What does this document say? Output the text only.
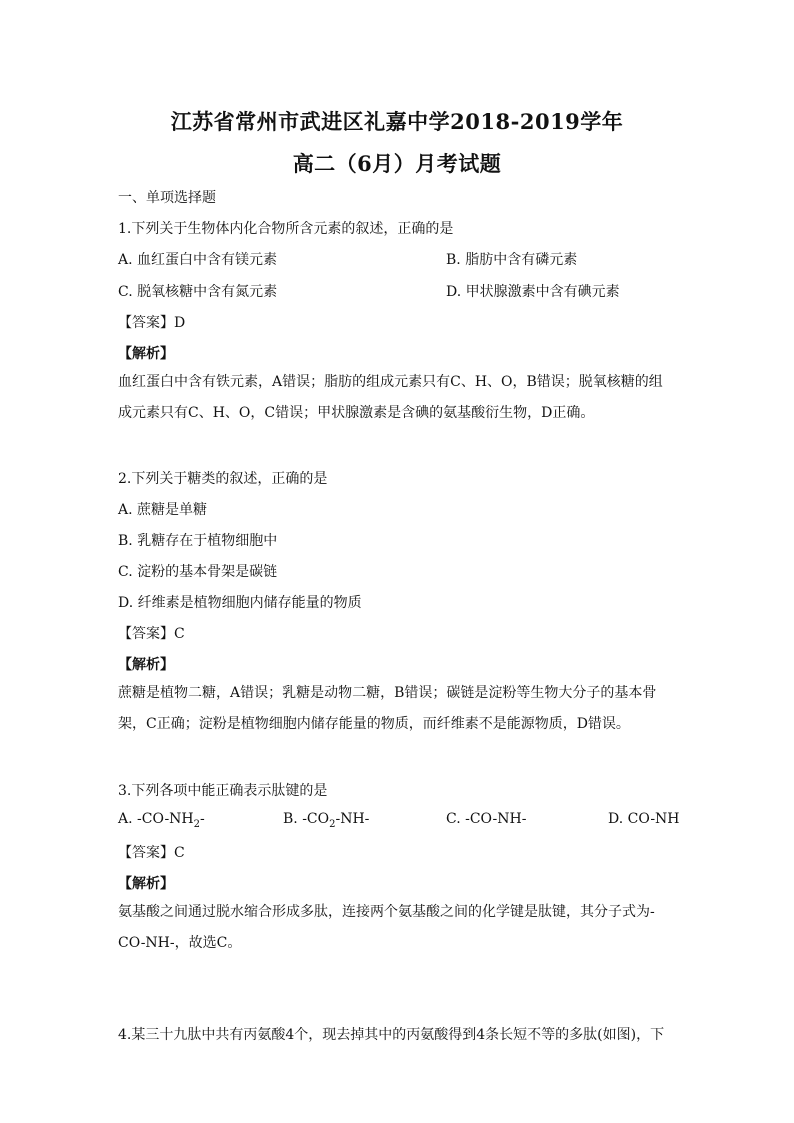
江苏省常州市武进区礼嘉中学2018-2019学年
高二（6月）月考试题
一、单项选择题
1.下列关于生物体内化合物所含元素的叙述，正确的是
A. 血红蛋白中含有镁元素	B. 脂肪中含有磷元素
C. 脱氧核糖中含有氮元素	D. 甲状腺激素中含有碘元素
【答案】D
【解析】
血红蛋白中含有铁元素，A错误；脂肪的组成元素只有C、H、O，B错误；脱氧核糖的组成元素只有C、H、O，C错误；甲状腺激素是含碘的氨基酸衍生物，D正确。
2.下列关于糖类的叙述，正确的是
A. 蔗糖是单糖
B. 乳糖存在于植物细胞中
C. 淀粉的基本骨架是碳链
D. 纤维素是植物细胞内储存能量的物质
【答案】C
【解析】
蔗糖是植物二糖，A错误；乳糖是动物二糖，B错误；碳链是淀粉等生物大分子的基本骨架，C正确；淀粉是植物细胞内储存能量的物质，而纤维素不是能源物质，D错误。
3.下列各项中能正确表示肽键的是
A. $-CO-NH_2-$	B. $-CO_2-NH-$	C. -CO-NH-	D. CO-NH
【答案】C
【解析】
氨基酸之间通过脱水缩合形成多肽，连接两个氨基酸之间的化学键是肽键，其分子式为-CO-NH-，故选C。
4.某三十九肽中共有丙氨酸4个，现去掉其中的丙氨酸得到4条长短不等的多肽(如图)，下
